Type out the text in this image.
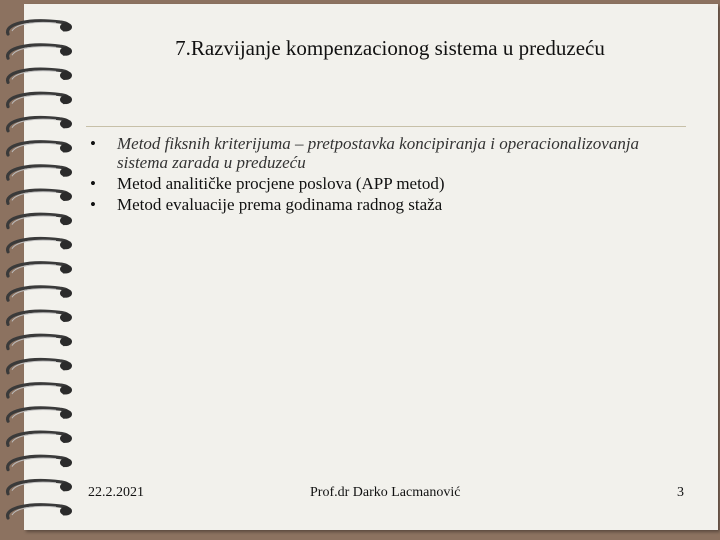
7.Razvijanje kompenzacionog sistema u preduzeću
• Metod fiksnih kriterijuma – pretpostavka koncipiranja i operacionalizovanja sistema zarada u preduzeću
• Metod analitičke procjene poslova (APP metod)
• Metod evaluacije prema godinama radnog staža
22.2.2021	Prof.dr Darko Lacmanović	3
